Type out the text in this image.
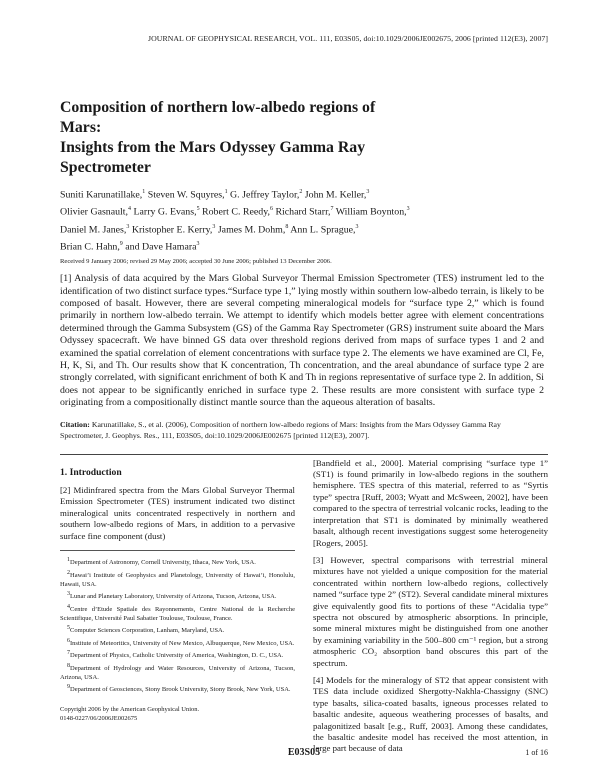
JOURNAL OF GEOPHYSICAL RESEARCH, VOL. 111, E03S05, doi:10.1029/2006JE002675, 2006 [printed 112(E3), 2007]
Composition of northern low-albedo regions of Mars:
Insights from the Mars Odyssey Gamma Ray
Spectrometer
Suniti Karunatillake,$^1$ Steven W. Squyres,$^1$ G. Jeffrey Taylor,$^2$ John M. Keller,$^3$
Olivier Gasnault,$^4$ Larry G. Evans,$^5$ Robert C. Reedy,$^6$ Richard Starr,$^7$ William Boynton,$^3$
Daniel M. Janes,$^3$ Kristopher E. Kerry,$^3$ James M. Dohm,$^8$ Ann L. Sprague,$^3$
Brian C. Hahn,$^9$ and Dave Hamara$^3$
Received 9 January 2006; revised 29 May 2006; accepted 30 June 2006; published 13 December 2006.
[1] Analysis of data acquired by the Mars Global Surveyor Thermal Emission Spectrometer (TES) instrument led to the identification of two distinct surface types.“Surface type 1,” lying mostly within southern low-albedo terrain, is likely to be composed of basalt. However, there are several competing mineralogical models for “surface type 2,” which is found primarily in northern low-albedo terrain. We attempt to identify which models better agree with element concentrations determined through the Gamma Subsystem (GS) of the Gamma Ray Spectrometer (GRS) instrument suite aboard the Mars Odyssey spacecraft. We have binned GS data over threshold regions derived from maps of surface types 1 and 2 and examined the spatial correlation of element concentrations with surface type 2. The elements we have examined are Cl, Fe, H, K, Si, and Th. Our results show that K concentration, Th concentration, and the areal abundance of surface type 2 are strongly correlated, with significant enrichment of both K and Th in regions representative of surface type 2. In addition, Si does not appear to be significantly enriched in surface type 2. These results are more consistent with surface type 2 originating from a compositionally distinct mantle source than the aqueous alteration of basalts.
Citation: Karunatillake, S., et al. (2006), Composition of northern low-albedo regions of Mars: Insights from the Mars Odyssey Gamma Ray Spectrometer, J. Geophys. Res., 111, E03S05, doi:10.1029/2006JE002675 [printed 112(E3), 2007].
1. Introduction

[2] Midinfrared spectra from the Mars Global Surveyor Thermal Emission Spectrometer (TES) instrument indicated two distinct mineralogical units concentrated respectively in northern and southern low-albedo regions of Mars, in addition to a pervasive surface fine component (dust)

$^1$Department of Astronomy, Cornell University, Ithaca, New York, USA.
$^2$Hawai’i Institute of Geophysics and Planetology, University of Hawai’i, Honolulu, Hawaii, USA.
$^3$Lunar and Planetary Laboratory, University of Arizona, Tucson, Arizona, USA.
$^4$Centre d’Etude Spatiale des Rayonnements, Centre National de la Recherche Scientifique, Université Paul Sabatier Toulouse, Toulouse, France.
$^5$Computer Sciences Corporation, Lanham, Maryland, USA.
$^6$Institute of Meteoritics, University of New Mexico, Albuquerque, New Mexico, USA.
$^7$Department of Physics, Catholic University of America, Washington, D. C., USA.
$^8$Department of Hydrology and Water Resources, University of Arizona, Tucson, Arizona, USA.
$^9$Department of Geosciences, Stony Brook University, Stony Brook, New York, USA.
Copyright 2006 by the American Geophysical Union.
0148-0227/06/2006JE002675

[Bandfield et al., 2000]. Material comprising “surface type 1” (ST1) is found primarily in low-albedo regions in the southern hemisphere. TES spectra of this material, referred to as “Syrtis type” spectra [Ruff, 2003; Wyatt and McSween, 2002], have been compared to the spectra of terrestrial volcanic rocks, leading to the interpretation that ST1 is dominated by minimally weathered basalt, although recent investigations suggest some heterogeneity [Rogers, 2005].

[3] However, spectral comparisons with terrestrial mineral mixtures have not yielded a unique composition for the material concentrated within northern low-albedo regions, collectively named “surface type 2” (ST2). Several candidate mineral mixtures give equivalently good fits to portions of these “Acidalia type” spectra not obscured by atmospheric absorptions. In principle, some mineral mixtures might be distinguished from one another by examining variability in the 500–800 cm⁻¹ region, but a strong atmospheric CO₂ absorption band obscures this part of the spectrum.

[4] Models for the mineralogy of ST2 that appear consistent with TES data include oxidized Shergotty-Nakhla-Chassigny (SNC) type basalts, silica-coated basalts, igneous processes related to basaltic andesite, aqueous weathering processes of basalts, and palagonitized basalt [e.g., Ruff, 2003]. Among these candidates, the basaltic andesite model has received the most attention, in large part because of data

E03S05	1 of 16
